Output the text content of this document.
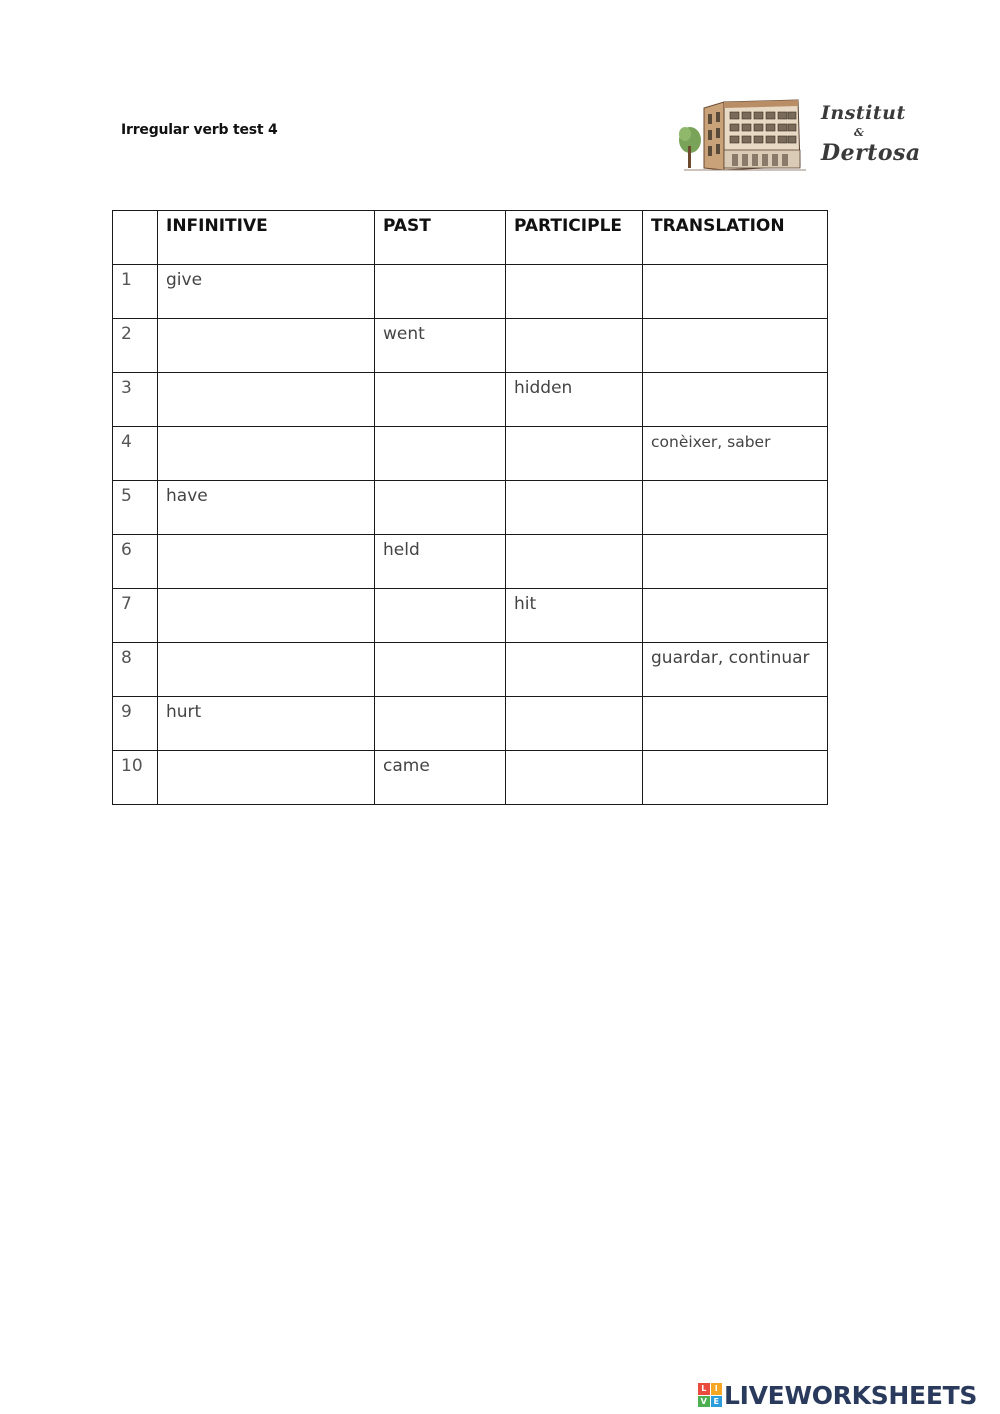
Irregular verb test 4
Institut
&
Dertosa
	INFINITIVE	PAST	PARTICIPLE	TRANSLATION
1	give			
2		went		
3			hidden	
4				conèixer, saber
5	have			
6		held		
7			hit	
8				guardar, continuar
9	hurt			
10		came		
L	I
V E LIVEWORKSHEETS
